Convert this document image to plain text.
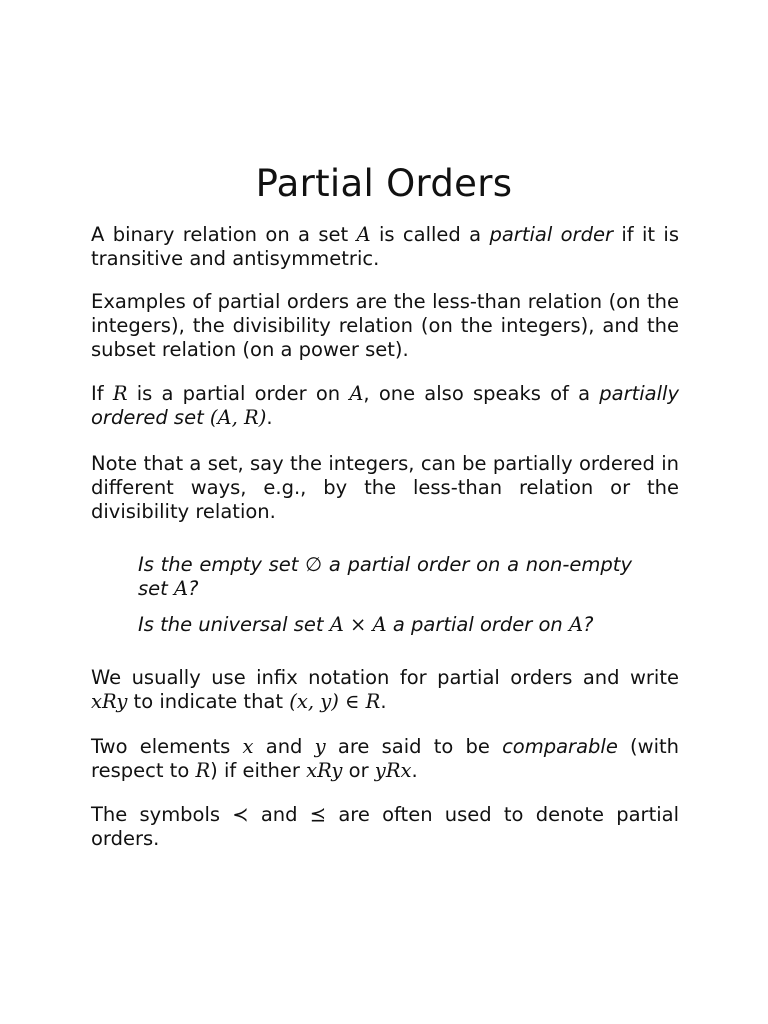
Partial Orders

A binary relation on a set A is called a partial order if it is transitive and antisymmetric.

Examples of partial orders are the less-than relation (on the integers), the divisibility relation (on the integers), and the subset relation (on a power set).

If R is a partial order on A, one also speaks of a partially ordered set (A, R).

Note that a set, say the integers, can be partially ordered in different ways, e.g., by the less-than relation or the divisibility relation.

Is the empty set ∅ a partial order on a non-empty set A?

Is the universal set A × A a partial order on A?

We usually use infix notation for partial orders and write xRy to indicate that (x, y) ∈ R.

Two elements x and y are said to be comparable (with respect to R) if either xRy or yRx.

The symbols ≺ and ⪯ are often used to denote partial orders.
